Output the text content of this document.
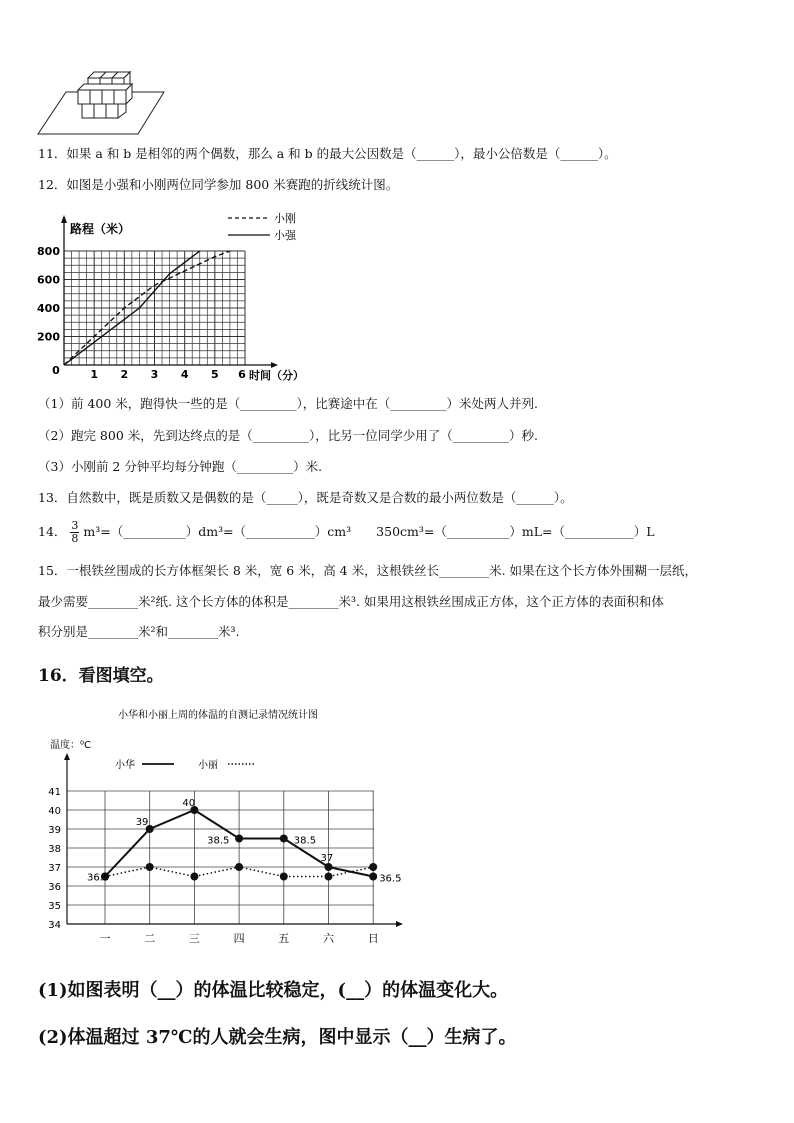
11．如果 a 和 b 是相邻的两个偶数，那么 a 和 b 的最大公因数是（______），最小公倍数是（______）。
12．如图是小强和小刚两位同学参加 800 米赛跑的折线统计图。
1 2 3 4 5 6
0
200
400
600
800
路程（米）
时间（分）
小刚
小强
（1）前 400 米，跑得快一些的是（_________），比赛途中在（_________）米处两人并列.
（2）跑完 800 米，先到达终点的是（_________），比另一位同学少用了（_________）秒.
（3）小刚前 2 分钟平均每分钟跑（_________）米.
13．自然数中，既是质数又是偶数的是（_____），既是奇数又是合数的最小两位数是（______）。
14． $\frac{3}{8}$ m³=（__________）dm³=（___________）cm³　　350cm³=（__________）mL=（___________）L
15．一根铁丝围成的长方体框架长 8 米，宽 6 米，高 4 米，这根铁丝长________米. 如果在这个长方体外围糊一层纸，
最少需要________米²纸. 这个长方体的体积是________米³. 如果用这根铁丝围成正方体，这个正方体的表面积和体
积分别是________米²和________米³.
16．看图填空。
小华和小丽上周的体温的自测记录情况统计图
温度：⁰C
小华	小丽
34
35
36
37
38
39
40
41
一	二	三	四	五	六	日
36.5
39
40
38.5	38.5
37
36.5
(1)如图表明（__）的体温比较稳定，(__）的体温变化大。
(2)体温超过 37℃的人就会生病，图中显示（__）生病了。
